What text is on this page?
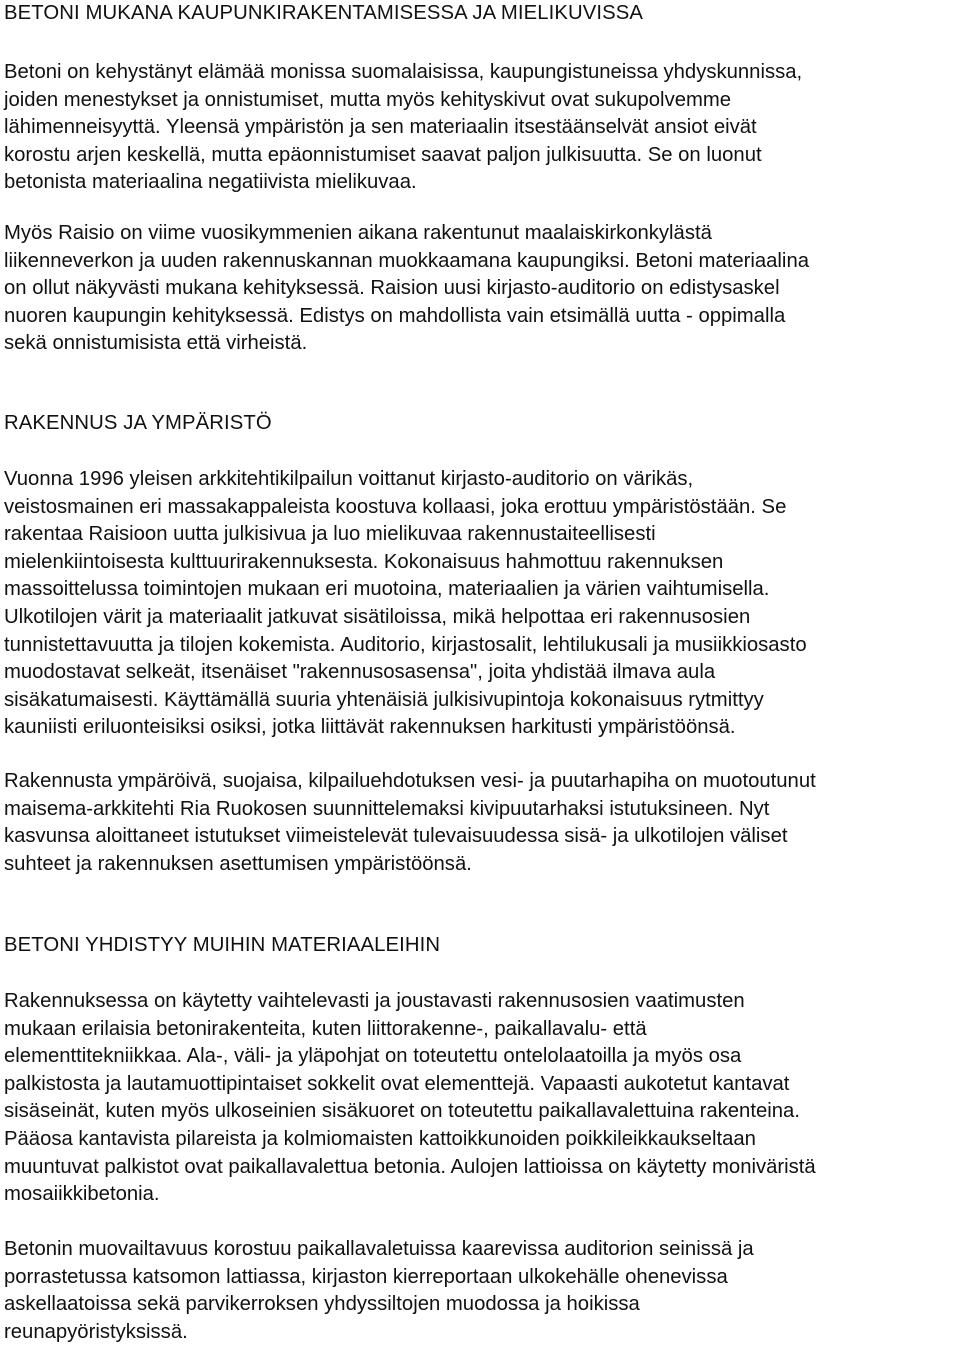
BETONI MUKANA KAUPUNKIRAKENTAMISESSA JA MIELIKUVISSA
Betoni on kehystänyt elämää monissa suomalaisissa, kaupungistuneissa yhdyskunnissa,
joiden menestykset ja onnistumiset, mutta myös kehityskivut ovat sukupolvemme
lähimenneisyyttä. Yleensä ympäristön ja sen materiaalin itsestäänselvät ansiot eivät
korostu arjen keskellä, mutta epäonnistumiset saavat paljon julkisuutta. Se on luonut
betonista materiaalina negatiivista mielikuvaa.
Myös Raisio on viime vuosikymmenien aikana rakentunut maalaiskirkonkylästä
liikenneverkon ja uuden rakennuskannan muokkaamana kaupungiksi. Betoni materiaalina
on ollut näkyvästi mukana kehityksessä. Raision uusi kirjasto-auditorio on edistysaskel
nuoren kaupungin kehityksessä. Edistys on mahdollista vain etsimällä uutta - oppimalla
sekä onnistumisista että virheistä.
RAKENNUS JA YMPÄRISTÖ
Vuonna 1996 yleisen arkkitehtikilpailun voittanut kirjasto-auditorio on värikäs,
veistosmainen eri massakappaleista koostuva kollaasi, joka erottuu ympäristöstään. Se
rakentaa Raisioon uutta julkisivua ja luo mielikuvaa rakennustaiteellisesti
mielenkiintoisesta kulttuurirakennuksesta. Kokonaisuus hahmottuu rakennuksen
massoittelussa toimintojen mukaan eri muotoina, materiaalien ja värien vaihtumisella.
Ulkotilojen värit ja materiaalit jatkuvat sisätiloissa, mikä helpottaa eri rakennusosien
tunnistettavuutta ja tilojen kokemista. Auditorio, kirjastosalit, lehtilukusali ja musiikkiosasto
muodostavat selkeät, itsenäiset "rakennusosasensa", joita yhdistää ilmava aula
sisäkatumaisesti. Käyttämällä suuria yhtenäisiä julkisivupintoja kokonaisuus rytmittyy
kauniisti eriluonteisiksi osiksi, jotka liittävät rakennuksen harkitusti ympäristöönsä.
Rakennusta ympäröivä, suojaisa, kilpailuehdotuksen vesi- ja puutarhapiha on muotoutunut
maisema-arkkitehti Ria Ruokosen suunnittelemaksi kivipuutarhaksi istutuksineen. Nyt
kasvunsa aloittaneet istutukset viimeistelevät tulevaisuudessa sisä- ja ulkotilojen väliset
suhteet ja rakennuksen asettumisen ympäristöönsä.
BETONI YHDISTYY MUIHIN MATERIAALEIHIN
Rakennuksessa on käytetty vaihtelevasti ja joustavasti rakennusosien vaatimusten
mukaan erilaisia betonirakenteita, kuten liittorakenne-, paikallavalu- että
elementtitekniikkaa. Ala-, väli- ja yläpohjat on toteutettu ontelolaatoilla ja myös osa
palkistosta ja lautamuottipintaiset sokkelit ovat elementtejä. Vapaasti aukotetut kantavat
sisäseinät, kuten myös ulkoseinien sisäkuoret on toteutettu paikallavalettuina rakenteina.
Pääosa kantavista pilareista ja kolmiomaisten kattoikkunoiden poikkileikkaukseltaan
muuntuvat palkistot ovat paikallavalettua betonia. Aulojen lattioissa on käytetty moniväristä
mosaiikkibetonia.
Betonin muovailtavuus korostuu paikallavaletuissa kaarevissa auditorion seinissä ja
porrastetussa katsomon lattiassa, kirjaston kierreportaan ulkokehälle ohenevissa
askellaatoissa sekä parvikerroksen yhdyssiltojen muodossa ja hoikissa
reunapyöristyksissä.
